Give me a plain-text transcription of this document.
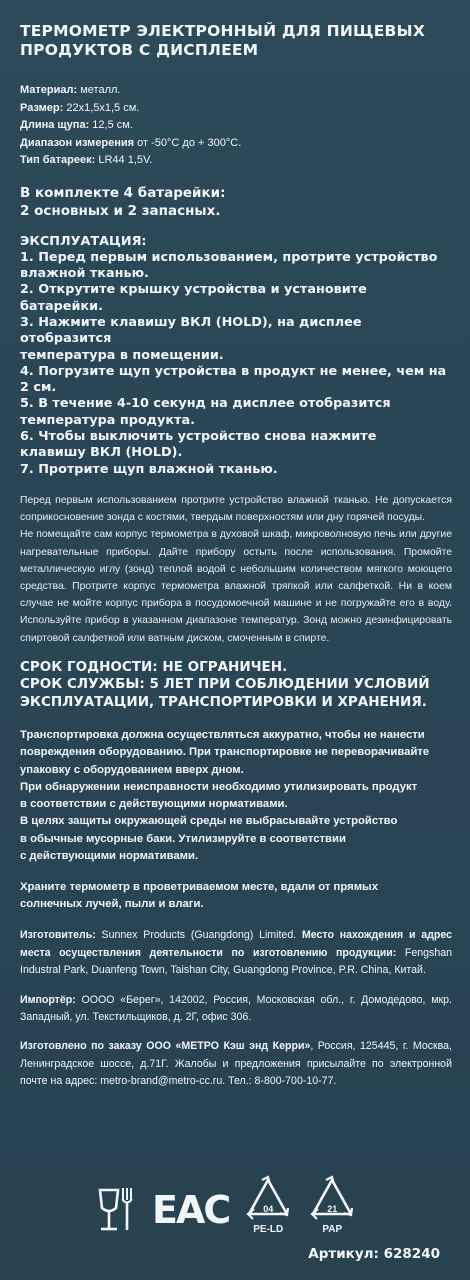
ТЕРМОМЕТР ЭЛЕКТРОННЫЙ ДЛЯ ПИЩЕВЫХ
ПРОДУКТОВ С ДИСПЛЕЕМ
Материал: металл.
Размер: 22х1,5х1,5 см.
Длина щупа: 12,5 см.
Диапазон измерения от -50°С до + 300°С.
Тип батареек: LR44 1,5V.
В комплекте 4 батарейки:
2 основных и 2 запасных.
ЭКСПЛУАТАЦИЯ:
1. Перед первым использованием, протрите устройство
влажной тканью.
2. Открутите крышку устройства и установите батарейки.
3. Нажмите клавишу ВКЛ (HOLD), на дисплее отобразится
температура в помещении.
4. Погрузите щуп устройства в продукт не менее, чем на 2 см.
5. В течение 4-10 секунд на дисплее отобразится
температура продукта.
6. Чтобы выключить устройство снова нажмите
клавишу ВКЛ (HOLD).
7. Протрите щуп влажной тканью.

Перед первым использованием протрите устройство влажной тканью. Не допускается соприкосновение зонда с костями, твердым поверхностям или дну горячей посуды.

Не помещайте сам корпус термометра в духовой шкаф, микроволновую печь или другие нагревательные приборы. Дайте прибору остыть после использования. Промойте металлическую иглу (зонд) теплой водой с небольшим количеством мягкого моющего средства. Протрите корпус термометра влажной тряпкой или салфеткой. Ни в коем случае не мойте корпус прибора в посудомоечной машине и не погружайте его в воду. Используйте прибор в указанном диапазоне температур. Зонд можно дезинфицировать спиртовой салфеткой или ватным диском, смоченным в спирте.

СРОК ГОДНОСТИ: НЕ ОГРАНИЧЕН.
СРОК СЛУЖБЫ: 5 ЛЕТ ПРИ СОБЛЮДЕНИИ УСЛОВИЙ
ЭКСПЛУАТАЦИИ, ТРАНСПОРТИРОВКИ И ХРАНЕНИЯ.
Транспортировка должна осуществляться аккуратно, чтобы не нанести
повреждения оборудованию. При транспортировке не переворачивайте
упаковку с оборудованием вверх дном.
При обнаружении неисправности необходимо утилизировать продукт
в соответствии с действующими нормативами.
В целях защиты окружающей среды не выбрасывайте устройство
в обычные мусорные баки. Утилизируйте в соответствии
с действующими нормативами.
Храните термометр в проветриваемом месте, вдали от прямых
солнечных лучей, пыли и влаги.
Изготовитель: Sunnex Products (Guangdong) Limited. Место нахождения и адрес места осуществления деятельности по изготовлению продукции: Fengshan Industral Park, Duanfeng Town, Taishan City, Guangdong Province, P.R. China, Китай.
Импортёр: ОООО «Берег», 142002, Россия, Московская обл., г. Домодедово, мкр. Западный, ул. Текстильщиков, д. 2Г, офис 306.
Изготовлено по заказу ООО «МЕТРО Кэш энд Керри», Россия, 125445, г. Москва, Ленинградское шоссе, д.71Г. Жалобы и предложения присылайте по электронной почте на адрес: metro-brand@metro-cc.ru. Тел.: 8-800-700-10-77.
EAC	04
PE-LD
21
PAP
Артикул: 628240
